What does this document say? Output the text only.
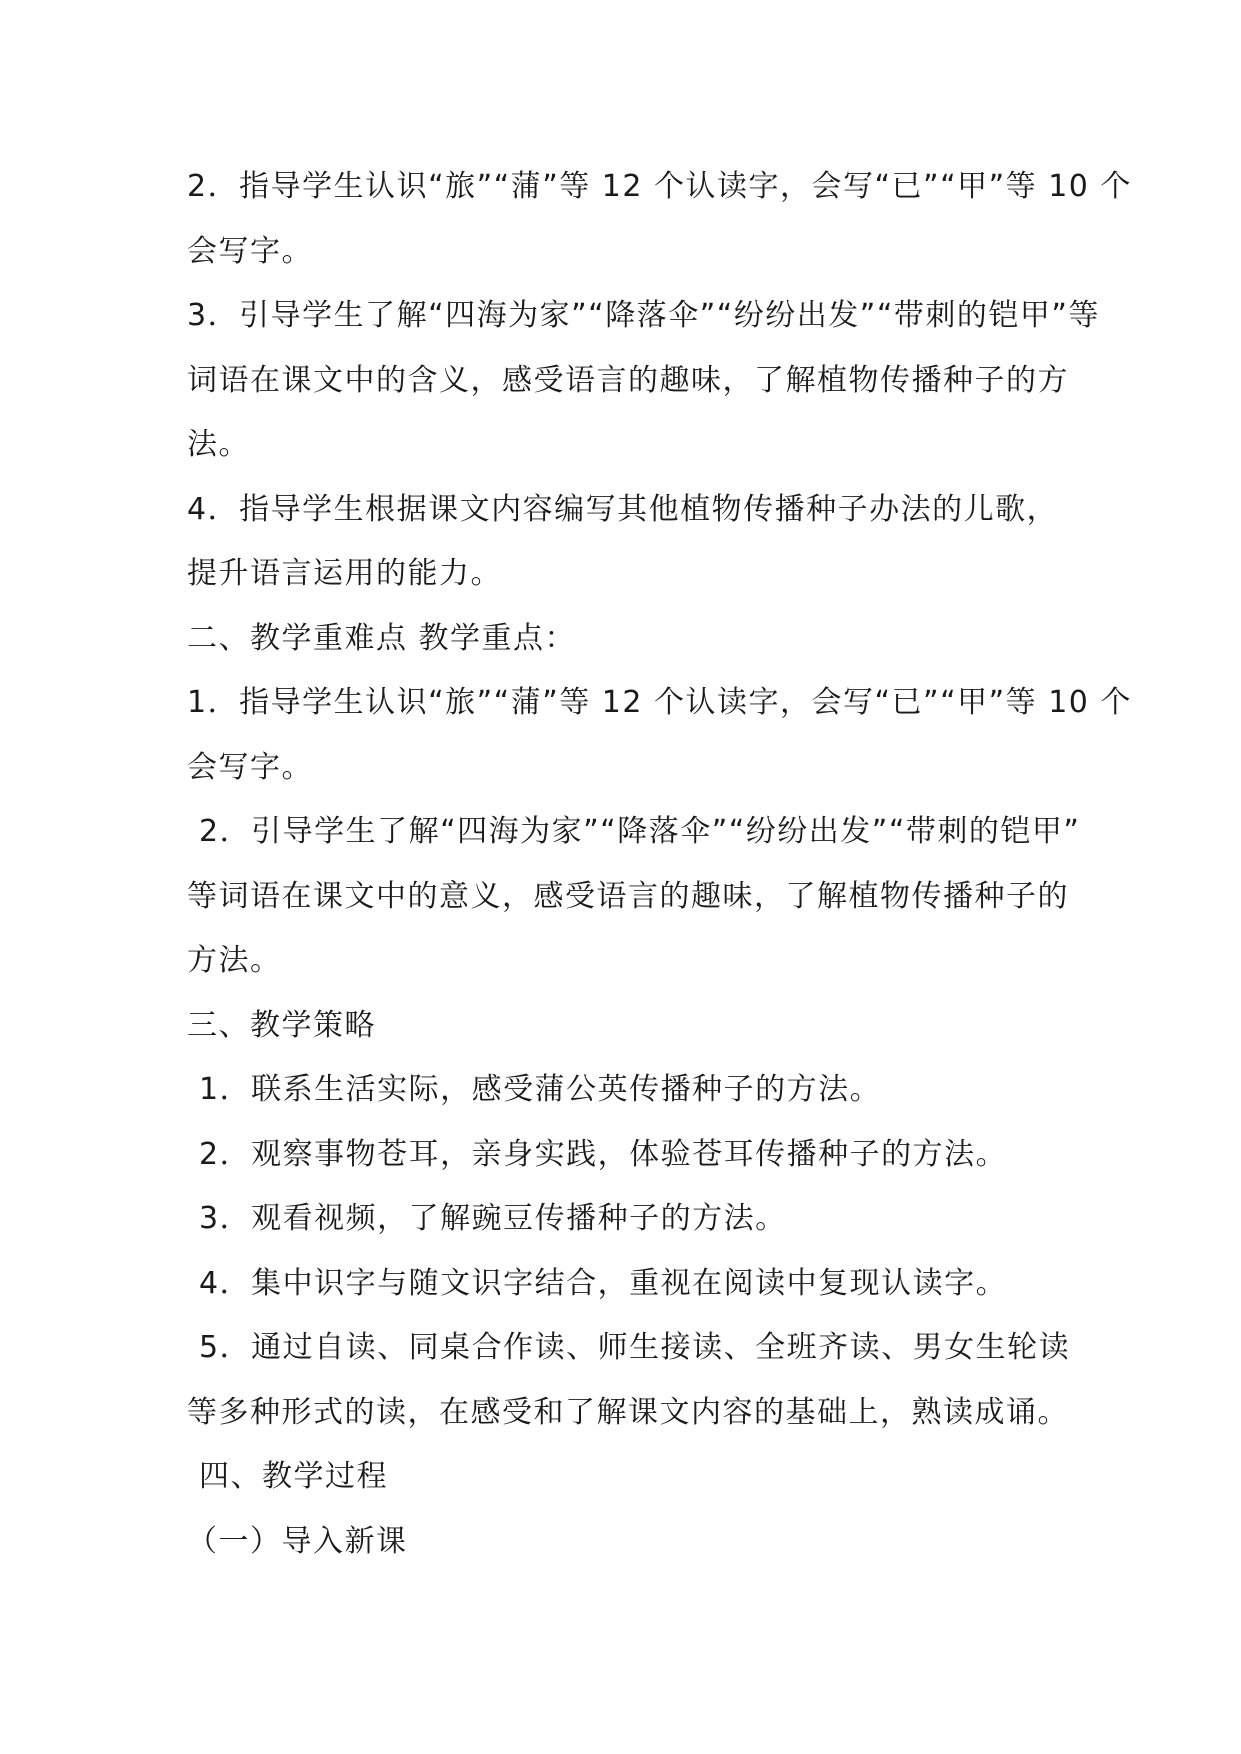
2．指导学生认识“旅”“蒲”等 12 个认读字，会写“已”“甲”等 10 个
会写字。
3．引导学生了解“四海为家”“降落伞”“纷纷出发”“带刺的铠甲”等
词语在课文中的含义，感受语言的趣味，了解植物传播种子的方
法。
4．指导学生根据课文内容编写其他植物传播种子办法的儿歌，
提升语言运用的能力。
二、教学重难点 教学重点：
1．指导学生认识“旅”“蒲”等 12 个认读字，会写“已”“甲”等 10 个
会写字。
2．引导学生了解“四海为家”“降落伞”“纷纷出发”“带刺的铠甲”
等词语在课文中的意义，感受语言的趣味，了解植物传播种子的
方法。
三、教学策略
1．联系生活实际，感受蒲公英传播种子的方法。
2．观察事物苍耳，亲身实践，体验苍耳传播种子的方法。
3．观看视频，了解豌豆传播种子的方法。
4．集中识字与随文识字结合，重视在阅读中复现认读字。
5．通过自读、同桌合作读、师生接读、全班齐读、男女生轮读
等多种形式的读，在感受和了解课文内容的基础上，熟读成诵。
四、教学过程
（一）导入新课
